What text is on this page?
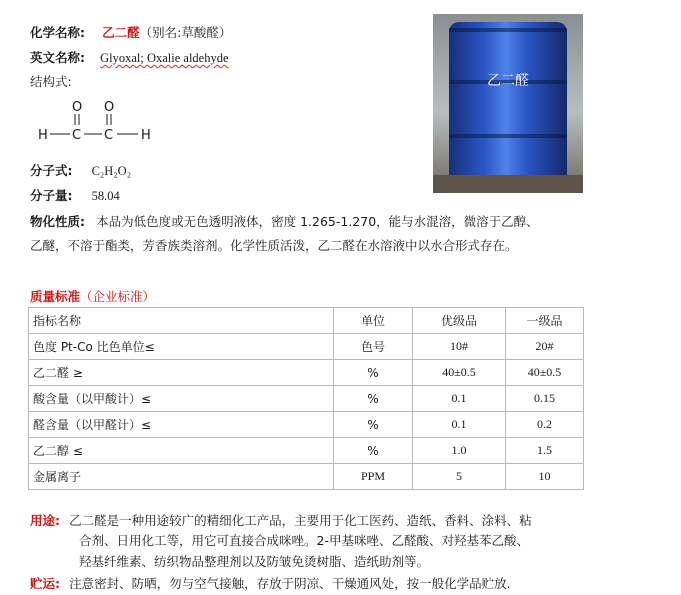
化学名称: 乙二醛（别名:草酸醛）
英文名称: Glyoxal; Oxalie aldehyde
结构式:
O O
H C C H
分子式: C₂H₂O₂
分子量: 58.04
乙二醛
物化性质: 本品为低色度或无色透明液体，密度 1.265-1.270，能与水混溶，微溶于乙醇、
乙醚，不溶于酯类，芳香族类溶剂。化学性质活泼，乙二醛在水溶液中以水合形式存在。
质量标准（企业标准）
指标名称	单位	优级品	一级品
色度 Pt-Co 比色单位≤	色号	10#	20#
乙二醛 ≥	%	40±0.5	40±0.5
酸含量（以甲酸计）≤	%	0.1	0.15
醛含量（以甲醛计）≤	%	0.1	0.2
乙二醇 ≤	%	1.0	1.5
金属离子	PPM	5	10
用途: 乙二醛是一种用途较广的精细化工产品，主要用于化工医药、造纸、香料、涂料、粘
合剂、日用化工等，用它可直接合成咪唑。2-甲基咪唑、乙醛酸、对羟基苯乙酸、
羟基纤维素、纺织物品整理剂以及防皱免烫树脂、造纸助剂等。
贮运: 注意密封、防晒，勿与空气接触，存放于阴凉、干燥通风处，按一般化学品贮放.
